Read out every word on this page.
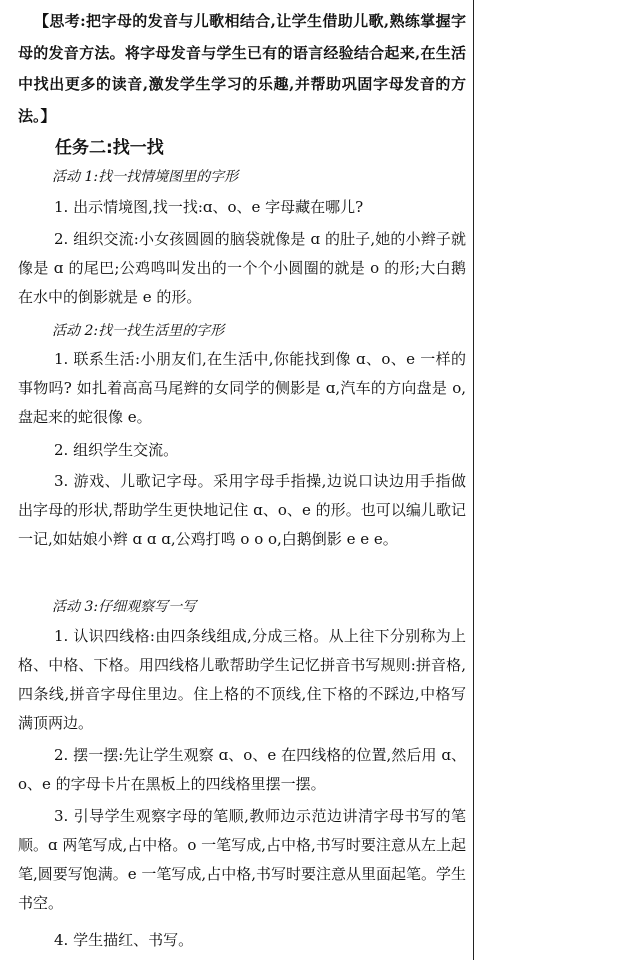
【思考:把字母的发音与儿歌相结合,让学生借助儿歌,熟练掌握字母的发音方法。将字母发音与学生已有的语言经验结合起来,在生活中找出更多的读音,激发学生学习的乐趣,并帮助巩固字母发音的方法。】

任务二:找一找
活动 1:找一找情境图里的字形

1. 出示情境图,找一找:ɑ、o、e 字母藏在哪儿?

2. 组织交流:小女孩圆圆的脑袋就像是 ɑ 的肚子,她的小辫子就像是 ɑ 的尾巴;公鸡鸣叫发出的一个个小圆圈的就是 o 的形;大白鹅在水中的倒影就是 e 的形。

活动 2:找一找生活里的字形

1. 联系生活:小朋友们,在生活中,你能找到像 ɑ、o、e 一样的事物吗? 如扎着高高马尾辫的女同学的侧影是 ɑ,汽车的方向盘是 o,盘起来的蛇很像 e。

2. 组织学生交流。

3. 游戏、儿歌记字母。采用字母手指操,边说口诀边用手指做出字母的形状,帮助学生更快地记住 ɑ、o、e 的形。也可以编儿歌记一记,如姑娘小辫 ɑ ɑ ɑ,公鸡打鸣 o o o,白鹅倒影 e e e。

活动 3:仔细观察写一写

1. 认识四线格:由四条线组成,分成三格。从上往下分别称为上格、中格、下格。用四线格儿歌帮助学生记忆拼音书写规则:拼音格,四条线,拼音字母住里边。住上格的不顶线,住下格的不踩边,中格写满顶两边。

2. 摆一摆:先让学生观察 ɑ、o、e 在四线格的位置,然后用 ɑ、o、e 的字母卡片在黑板上的四线格里摆一摆。

3. 引导学生观察字母的笔顺,教师边示范边讲清字母书写的笔顺。ɑ 两笔写成,占中格。o 一笔写成,占中格,书写时要注意从左上起笔,圆要写饱满。e 一笔写成,占中格,书写时要注意从里面起笔。学生书空。

4. 学生描红、书写。
